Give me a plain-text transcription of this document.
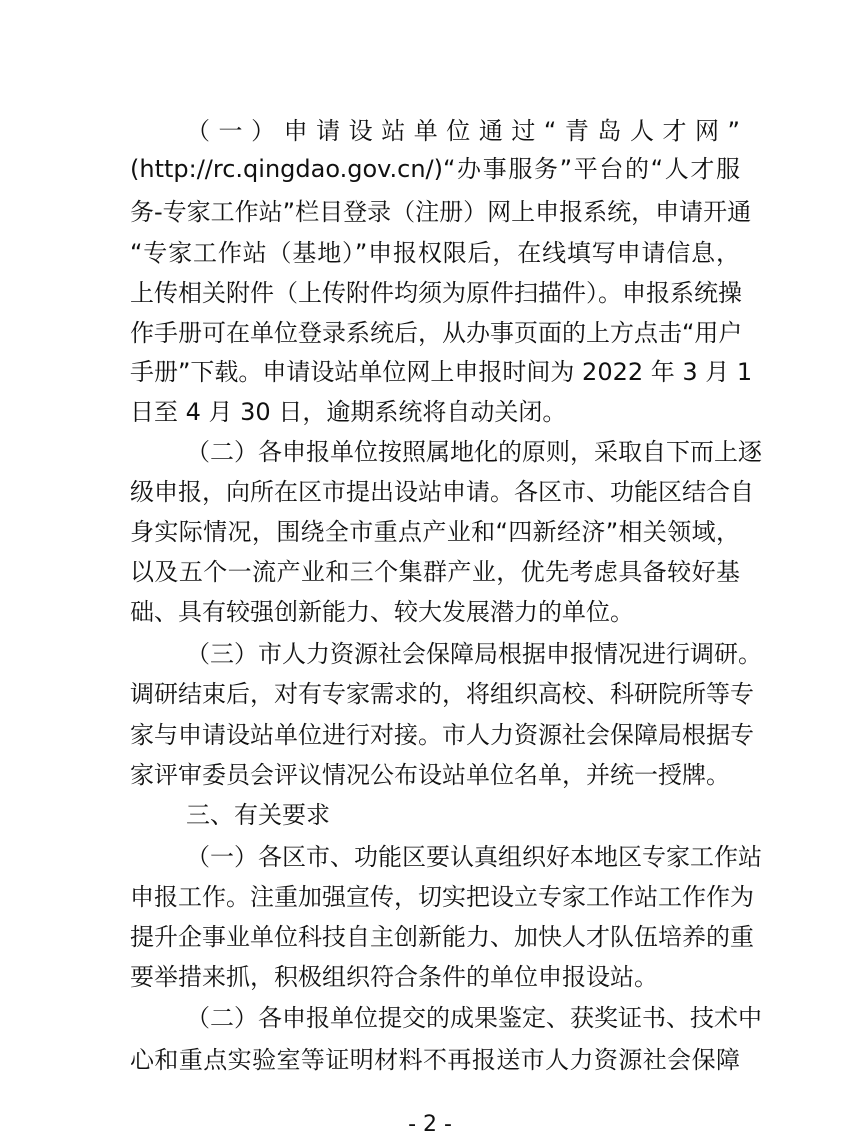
（一）申请设站单位通过“青岛人才网”
(http://rc.qingdao.gov.cn/)“办事服务”平台的“人才服
务-专家工作站”栏目登录（注册）网上申报系统，申请开通
“专家工作站（基地）”申报权限后，在线填写申请信息，
上传相关附件（上传附件均须为原件扫描件）。申报系统操
作手册可在单位登录系统后，从办事页面的上方点击“用户
手册”下载。申请设站单位网上申报时间为 2022 年 3 月 1
日至 4 月 30 日，逾期系统将自动关闭。
（二）各申报单位按照属地化的原则，采取自下而上逐
级申报，向所在区市提出设站申请。各区市、功能区结合自
身实际情况，围绕全市重点产业和“四新经济”相关领域，
以及五个一流产业和三个集群产业，优先考虑具备较好基
础、具有较强创新能力、较大发展潜力的单位。
（三）市人力资源社会保障局根据申报情况进行调研。
调研结束后，对有专家需求的，将组织高校、科研院所等专
家与申请设站单位进行对接。市人力资源社会保障局根据专
家评审委员会评议情况公布设站单位名单，并统一授牌。
三、有关要求
（一）各区市、功能区要认真组织好本地区专家工作站
申报工作。注重加强宣传，切实把设立专家工作站工作作为
提升企事业单位科技自主创新能力、加快人才队伍培养的重
要举措来抓，积极组织符合条件的单位申报设站。
（二）各申报单位提交的成果鉴定、获奖证书、技术中
心和重点实验室等证明材料不再报送市人力资源社会保障
- 2 -
